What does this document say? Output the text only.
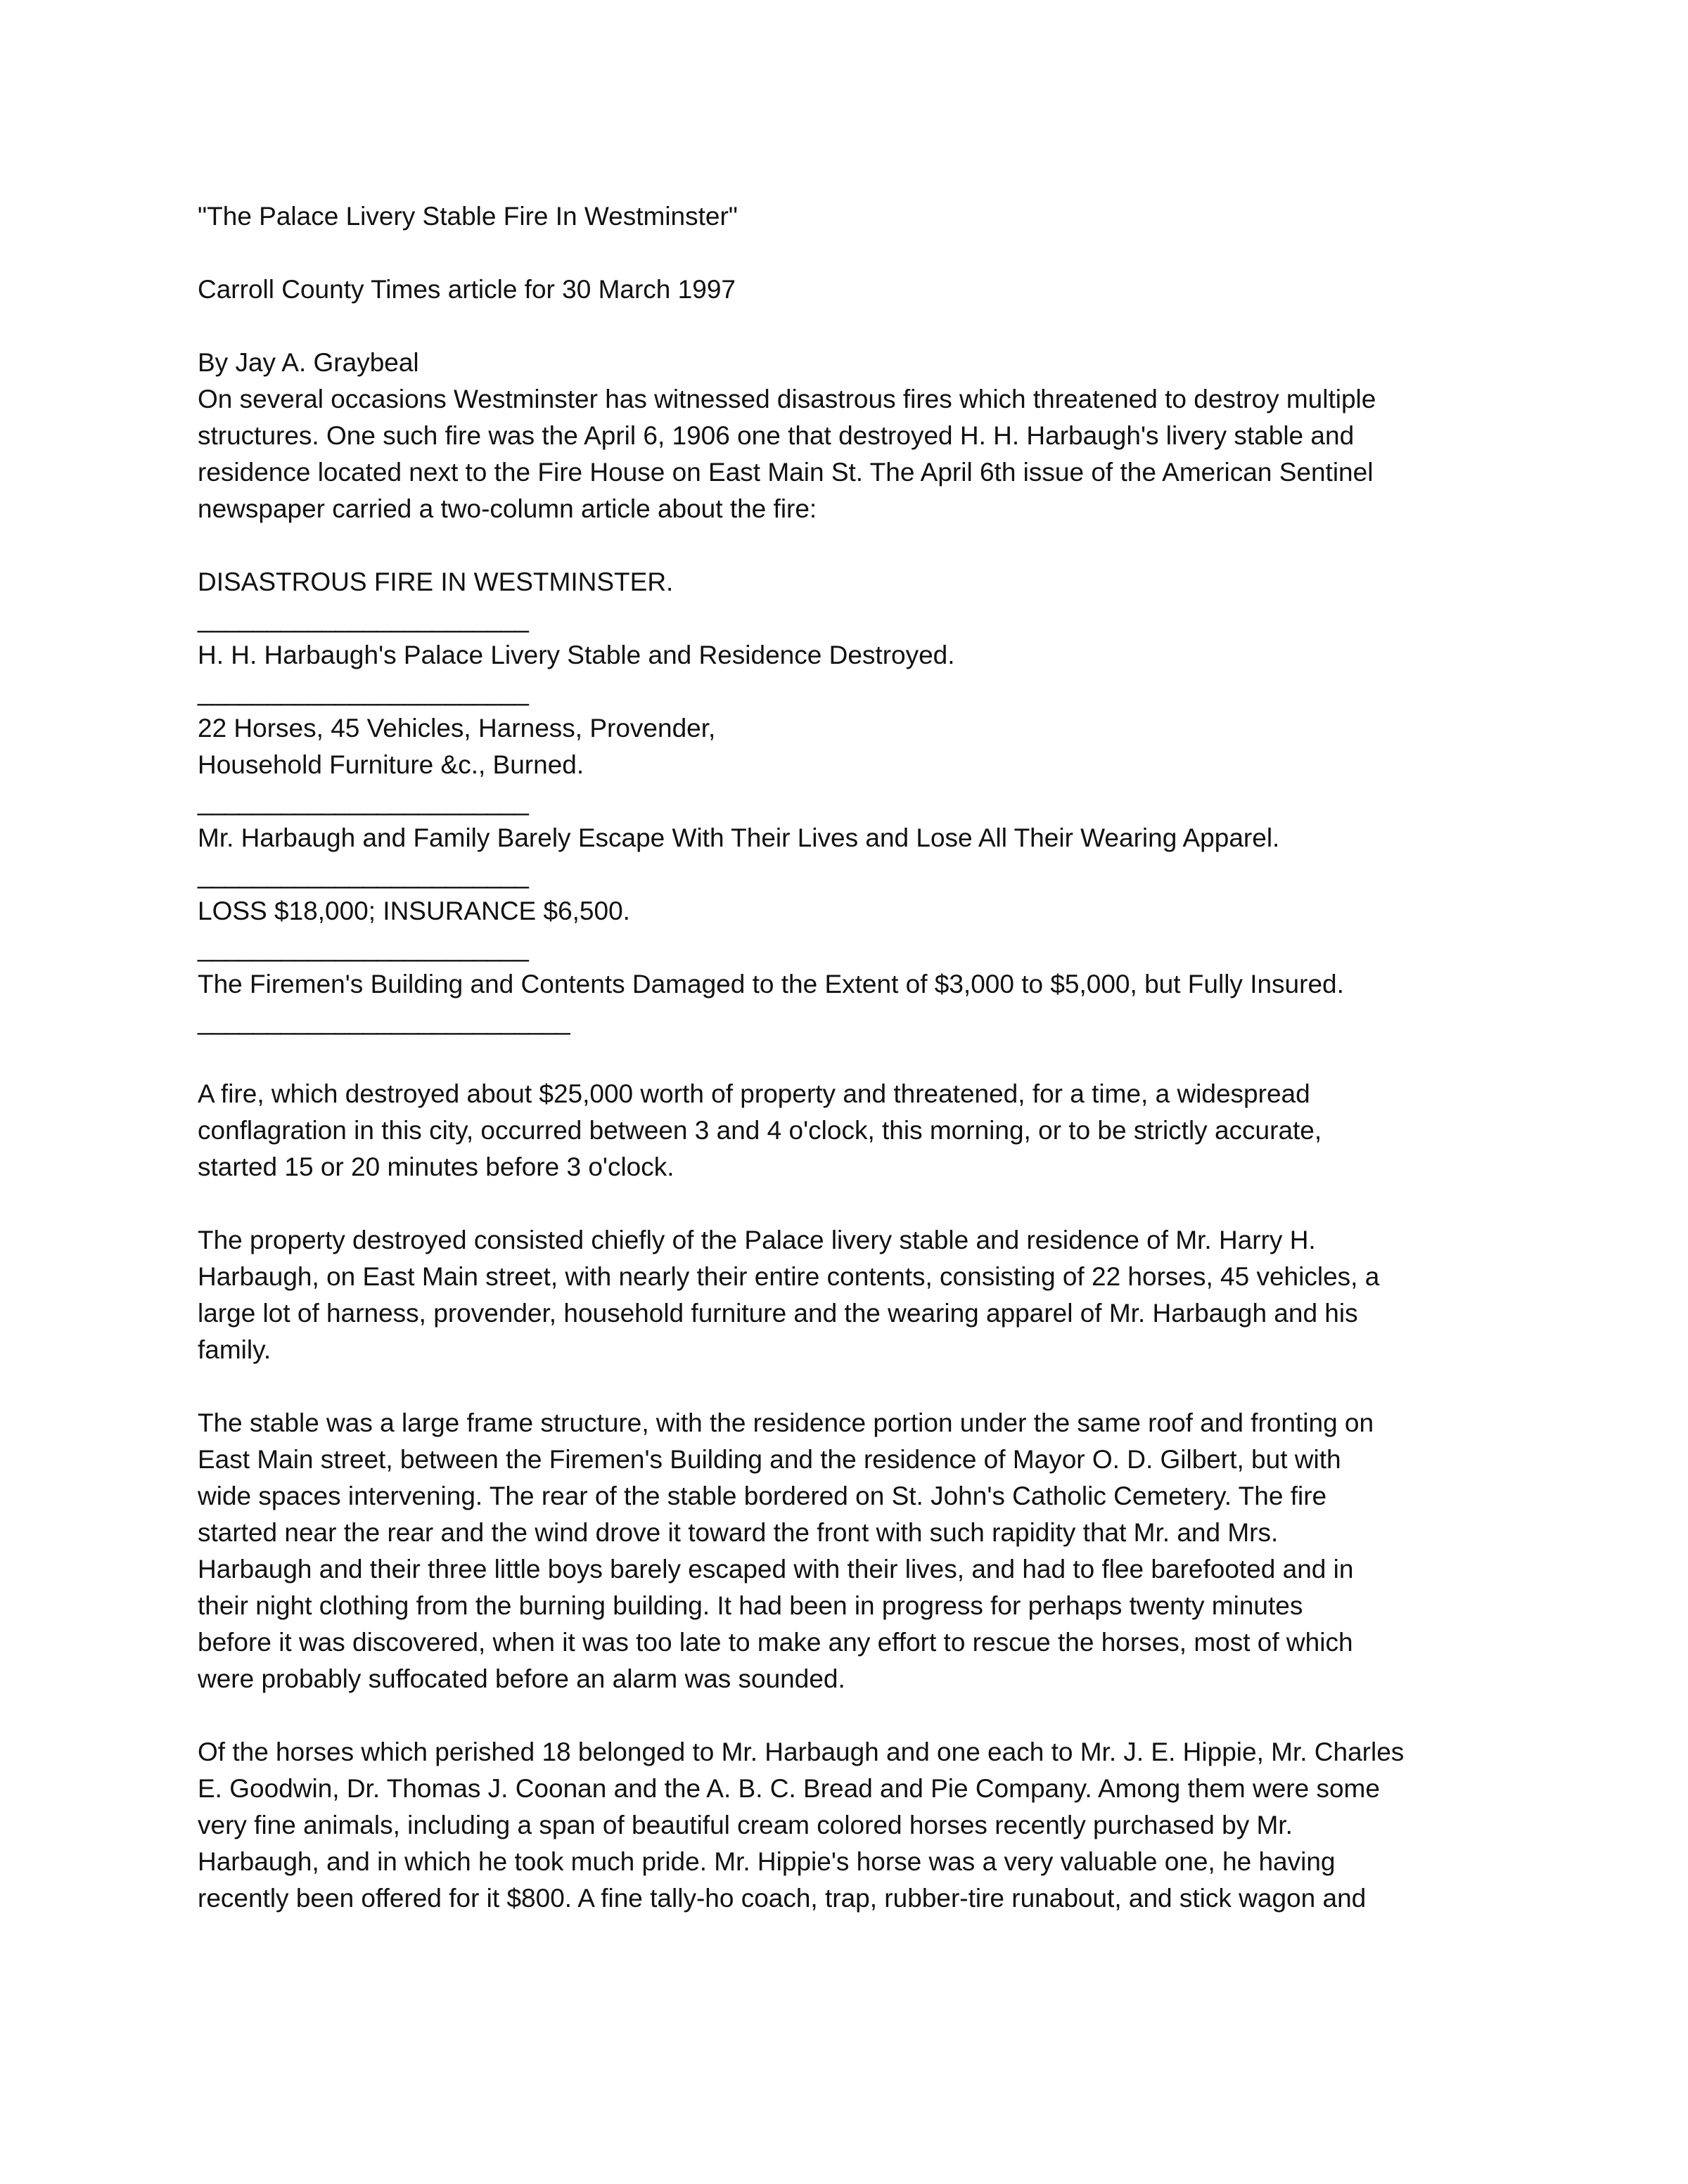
"The Palace Livery Stable Fire In Westminster"
Carroll County Times article for 30 March 1997
By Jay A. Graybeal
On several occasions Westminster has witnessed disastrous fires which threatened to destroy multiple
structures. One such fire was the April 6, 1906 one that destroyed H. H. Harbaugh's livery stable and
residence located next to the Fire House on East Main St. The April 6th issue of the American Sentinel
newspaper carried a two-column article about the fire:
DISASTROUS FIRE IN WESTMINSTER.
________________________
H. H. Harbaugh's Palace Livery Stable and Residence Destroyed.
________________________
22 Horses, 45 Vehicles, Harness, Provender,
Household Furniture &c., Burned.
________________________
Mr. Harbaugh and Family Barely Escape With Their Lives and Lose All Their Wearing Apparel.
________________________
LOSS $18,000; INSURANCE $6,500.
________________________
The Firemen's Building and Contents Damaged to the Extent of $3,000 to $5,000, but Fully Insured.
___________________________
A fire, which destroyed about $25,000 worth of property and threatened, for a time, a widespread
conflagration in this city, occurred between 3 and 4 o'clock, this morning, or to be strictly accurate,
started 15 or 20 minutes before 3 o'clock.
The property destroyed consisted chiefly of the Palace livery stable and residence of Mr. Harry H.
Harbaugh, on East Main street, with nearly their entire contents, consisting of 22 horses, 45 vehicles, a
large lot of harness, provender, household furniture and the wearing apparel of Mr. Harbaugh and his
family.
The stable was a large frame structure, with the residence portion under the same roof and fronting on
East Main street, between the Firemen's Building and the residence of Mayor O. D. Gilbert, but with
wide spaces intervening. The rear of the stable bordered on St. John's Catholic Cemetery. The fire
started near the rear and the wind drove it toward the front with such rapidity that Mr. and Mrs.
Harbaugh and their three little boys barely escaped with their lives, and had to flee barefooted and in
their night clothing from the burning building. It had been in progress for perhaps twenty minutes
before it was discovered, when it was too late to make any effort to rescue the horses, most of which
were probably suffocated before an alarm was sounded.
Of the horses which perished 18 belonged to Mr. Harbaugh and one each to Mr. J. E. Hippie, Mr. Charles
E. Goodwin, Dr. Thomas J. Coonan and the A. B. C. Bread and Pie Company. Among them were some
very fine animals, including a span of beautiful cream colored horses recently purchased by Mr.
Harbaugh, and in which he took much pride. Mr. Hippie's horse was a very valuable one, he having
recently been offered for it $800. A fine tally-ho coach, trap, rubber-tire runabout, and stick wagon and
